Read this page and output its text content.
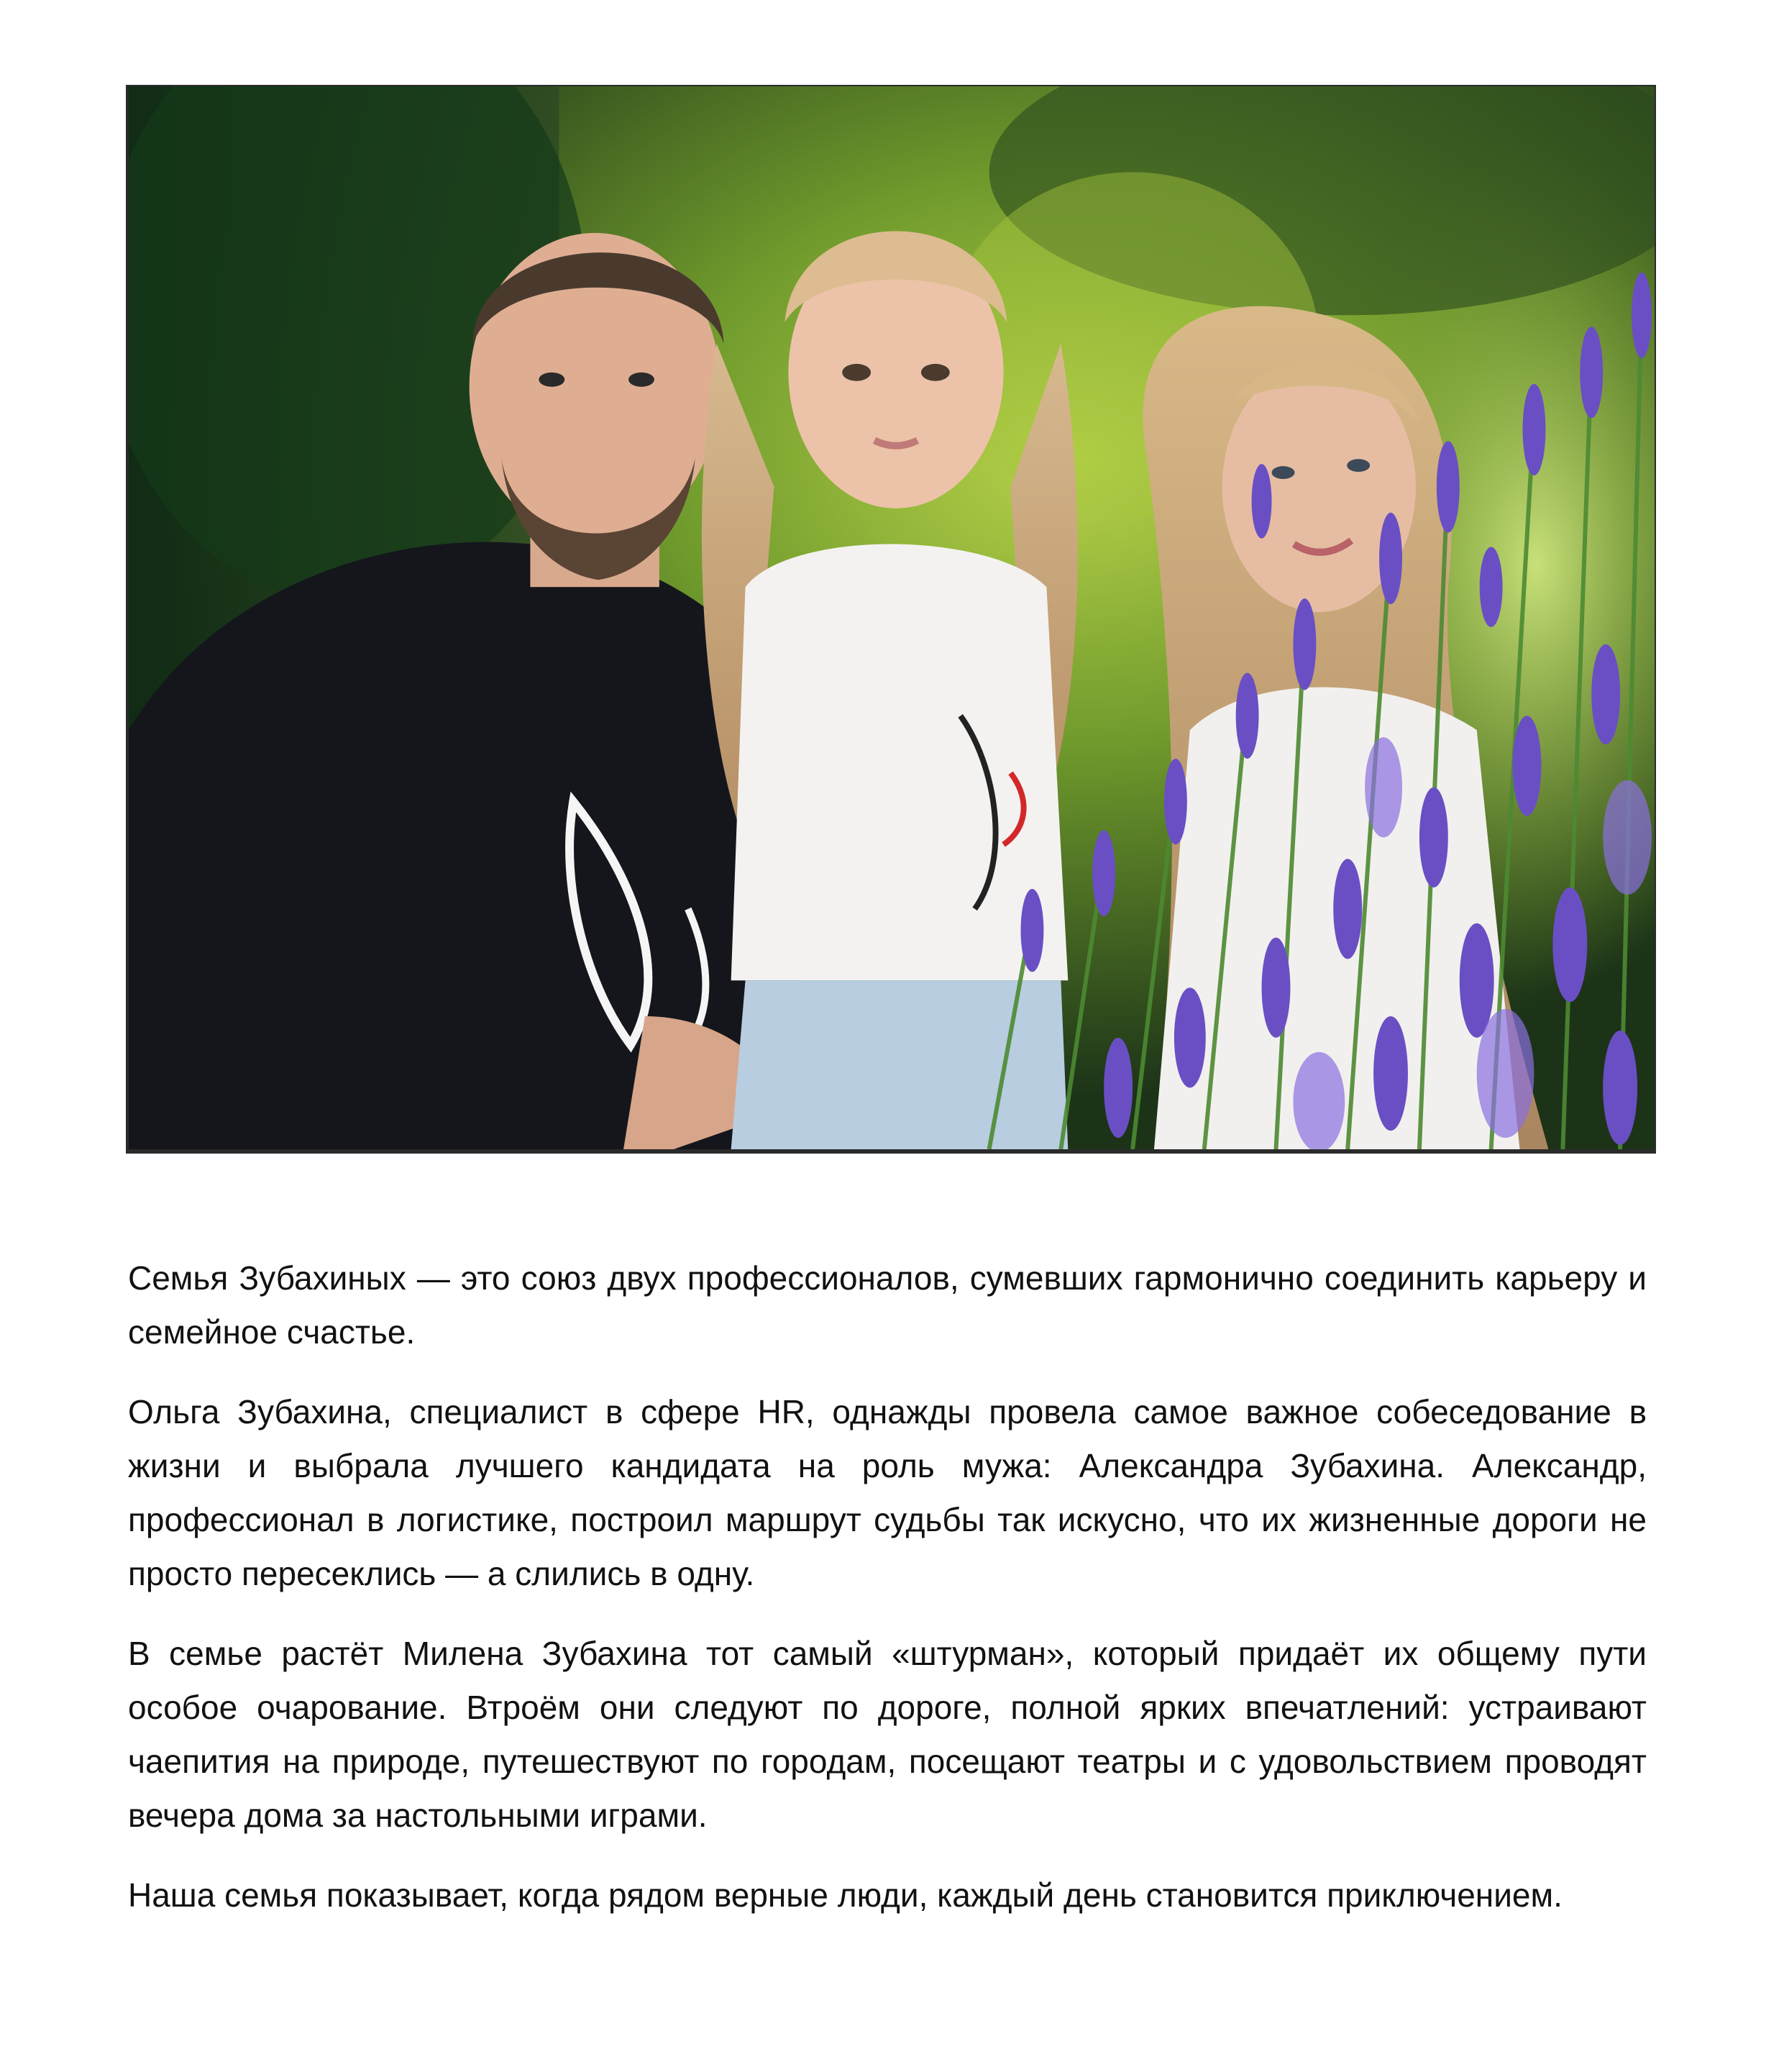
Семья Зубахиных — это союз двух профессионалов, сумевших гармонично соединить карьеру и семейное счастье.

Ольга Зубахина, специалист в сфере HR, однажды провела самое важное собеседование в жизни и выбрала лучшего кандидата на роль мужа: Александра Зубахина. Александр, профессионал в логистике, построил маршрут судьбы так искусно, что их жизненные дороги не просто пересеклись — а слились в одну.

В семье растёт Милена Зубахина тот самый «штурман», который придаёт их общему пути особое очарование. Втроём они следуют по дороге, полной ярких впечатлений: устраивают чаепития на природе, путешествуют по городам, посещают театры и с удовольствием проводят вечера дома за настольными играми.

Наша семья показывает, когда рядом верные люди, каждый день становится приключением.
